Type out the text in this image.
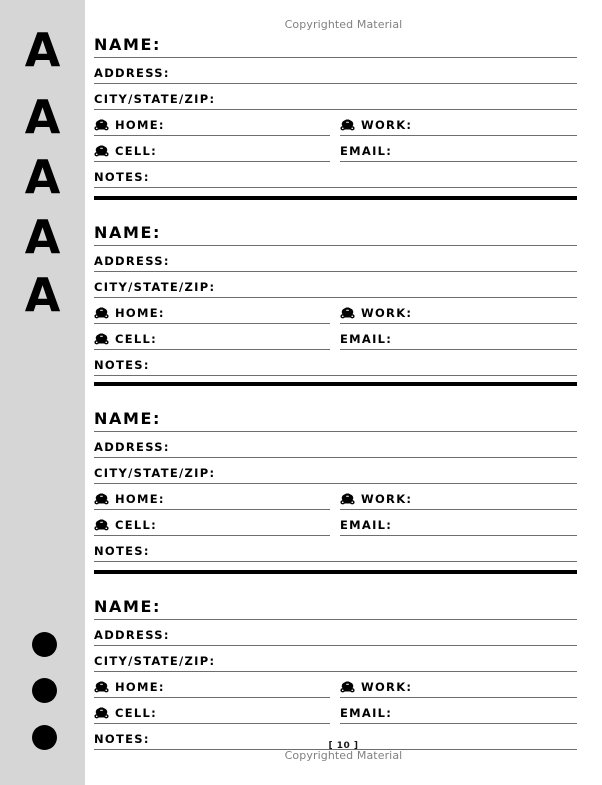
A
A
A
A
A
Copyrighted Material
NAME:
ADDRESS:
CITY/STATE/ZIP:
HOME:	WORK:
CELL:	EMAIL:
NOTES:
NAME:
ADDRESS:
CITY/STATE/ZIP:
HOME:	WORK:
CELL:	EMAIL:
NOTES:
NAME:
ADDRESS:
CITY/STATE/ZIP:
HOME:	WORK:
CELL:	EMAIL:
NOTES:
NAME:
ADDRESS:
CITY/STATE/ZIP:
HOME:	WORK:
CELL:	EMAIL:
NOTES:	[ 10 ]
Copyrighted Material
